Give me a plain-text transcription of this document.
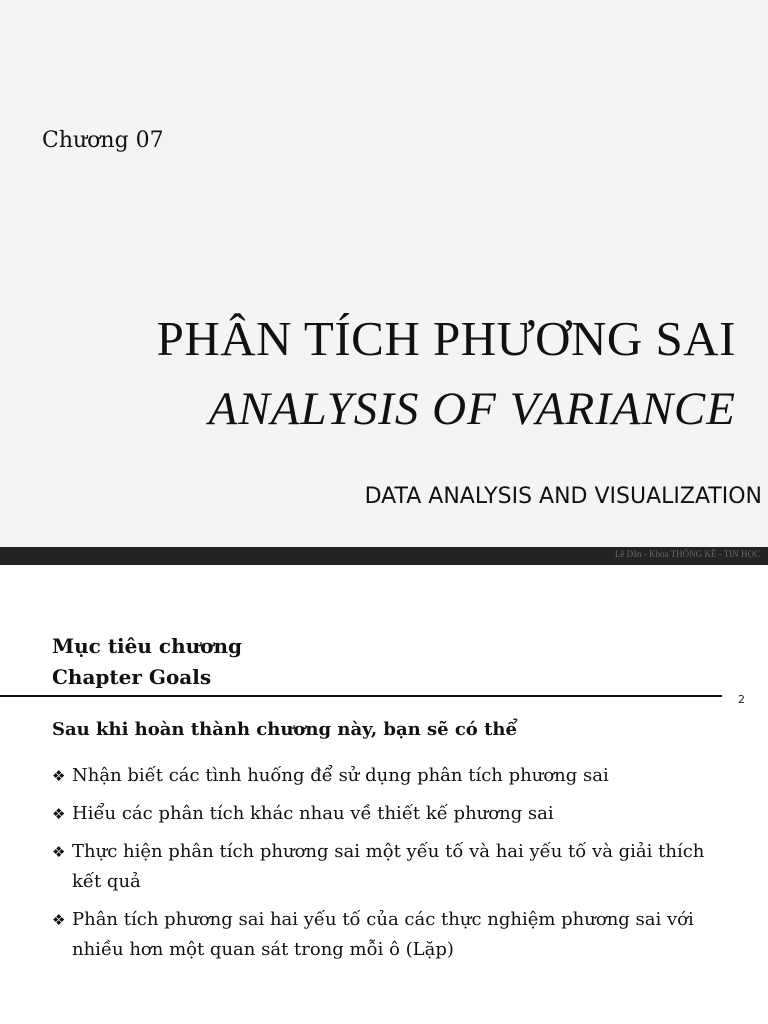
Chương 07
PHÂN TÍCH PHƯƠNG SAI
ANALYSIS OF VARIANCE
DATA ANALYSIS AND VISUALIZATION
Lê Dân - Khoa THỐNG KÊ - TIN HỌC
Mục tiêu chương
Chapter Goals
2
Sau khi hoàn thành chương này, bạn sẽ có thể
❖ Nhận biết các tình huống để sử dụng phân tích phương sai
❖ Hiểu các phân tích khác nhau về thiết kế phương sai
❖ Thực hiện phân tích phương sai một yếu tố và hai yếu tố và giải thích kết quả
❖ Phân tích phương sai hai yếu tố của các thực nghiệm phương sai với nhiều hơn một quan sát trong mỗi ô (Lặp)
